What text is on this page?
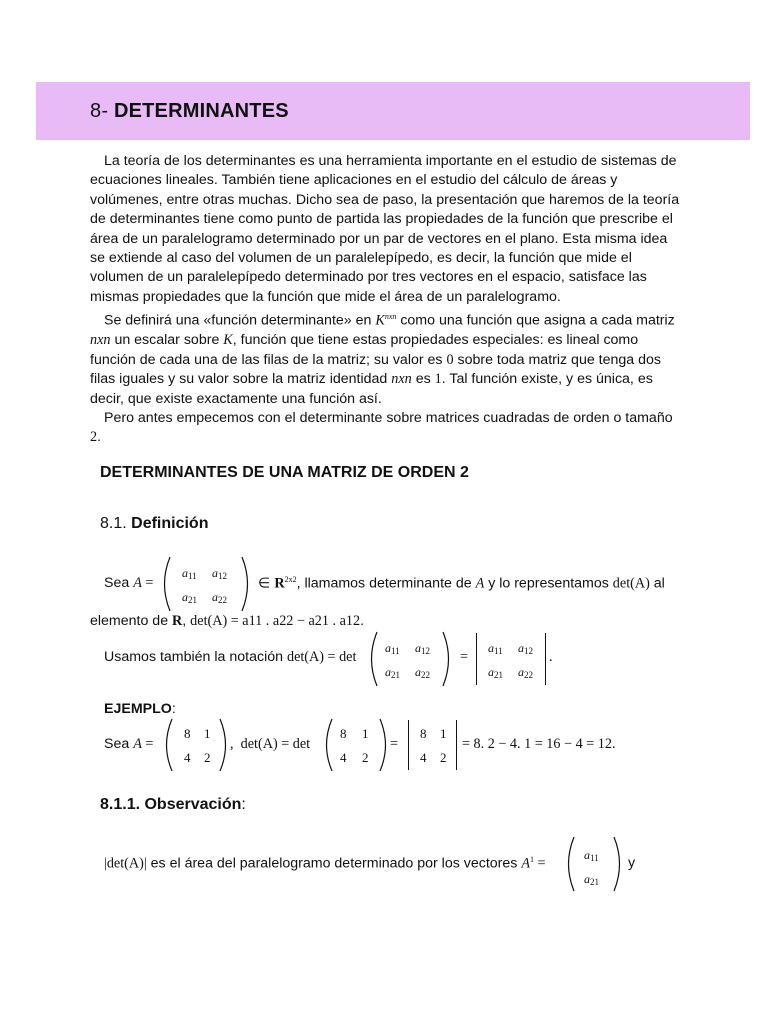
8- DETERMINANTES

La teoría de los determinantes es una herramienta importante en el estudio de sistemas de ecuaciones lineales. También tiene aplicaciones en el estudio del cálculo de áreas y volúmenes, entre otras muchas. Dicho sea de paso, la presentación que haremos de la teoría de determinantes tiene como punto de partida las propiedades de la función que prescribe el área de un paralelogramo determinado por un par de vectores en el plano. Esta misma idea se extiende al caso del volumen de un paralelepípedo, es decir, la función que mide el volumen de un paralelepípedo determinado por tres vectores en el espacio, satisface las mismas propiedades que la función que mide el área de un paralelogramo.

Se definirá una «función determinante» en $K^{nxn}$ como una función que asigna a cada matriz nxn un escalar sobre K, función que tiene estas propiedades especiales: es lineal como función de cada una de las filas de la matriz; su valor es 0 sobre toda matriz que tenga dos filas iguales y su valor sobre la matriz identidad nxn es 1. Tal función existe, y es única, es decir, que existe exactamente una función así.

Pero antes empecemos con el determinante sobre matrices cuadradas de orden o tamaño 2.

DETERMINANTES DE UNA MATRIZ DE ORDEN 2
8.1. Definición
Sea A =
$a_{11}$ $a_{12}$
$a_{21}$ $a_{22}$
∈ $R^{2x2}$, llamamos determinante de A y lo representamos det(A) al
elemento de R, det(A) = a11 . a22 − a21 . a12.
Usamos también la notación det(A) = det
$a_{11}$ $a_{12}$
$a_{21}$ $a_{22}$
=
$a_{11}$ $a_{12}$
$a_{21}$ $a_{22}$
.
EJEMPLO:
Sea A =
8 1
4 2
, det(A) = det
8 1
4 2
=
8 1
4 2
= 8. 2 − 4. 1 = 16 − 4 = 12.
8.1.1. Observación:
|det(A)| es el área del paralelogramo determinado por los vectores $A^1$ =
$a_{11}$
$a_{21}$
y
